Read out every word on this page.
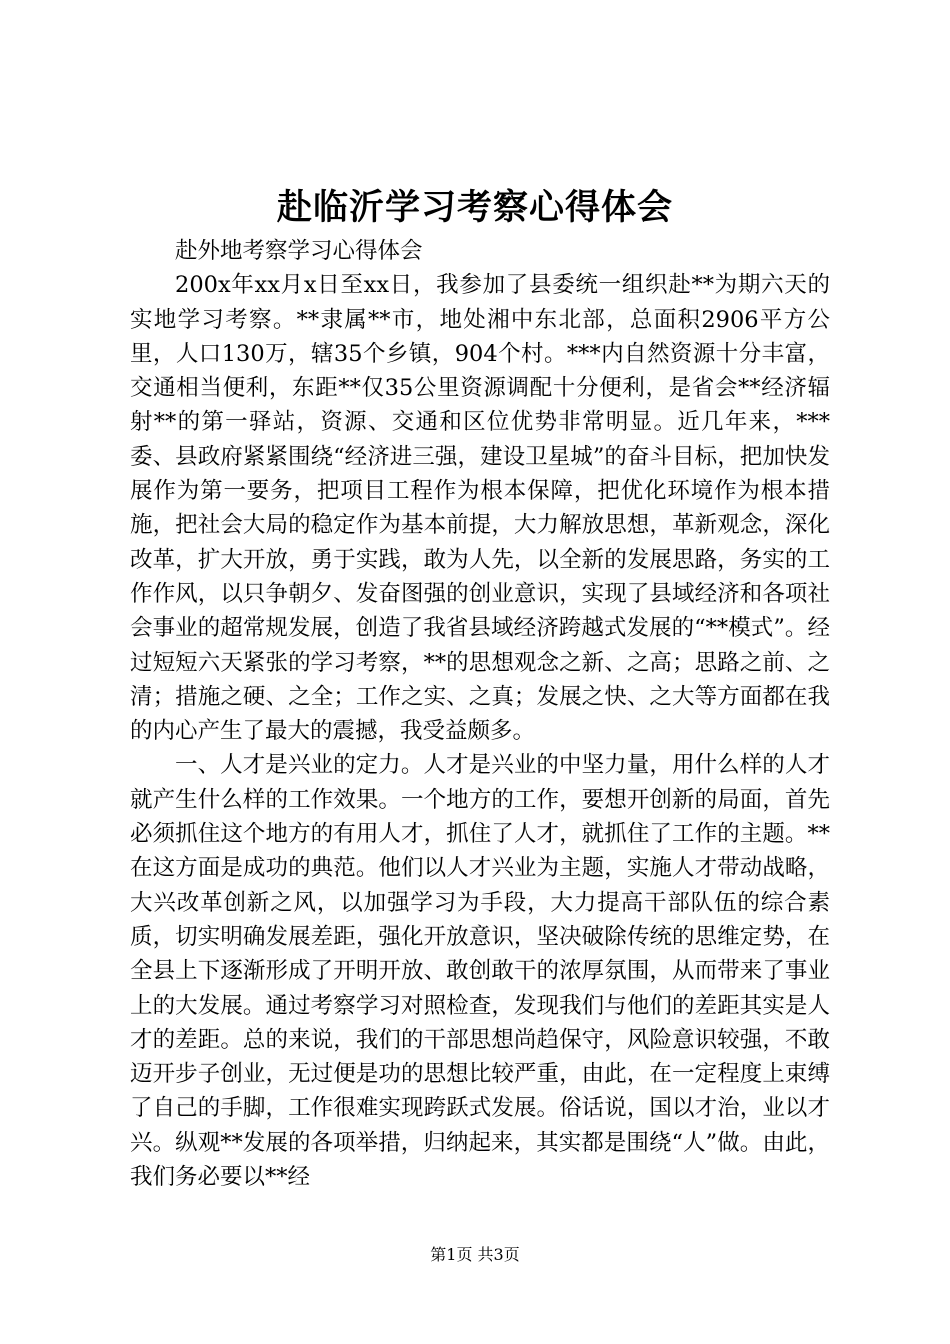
赴临沂学习考察心得体会

赴外地考察学习心得体会

200x年xx月x日至xx日，我参加了县委统一组织赴**为期六天的实地学习考察。**隶属**市，地处湘中东北部，总面积2906平方公里，人口130万，辖35个乡镇，904个村。***内自然资源十分丰富，交通相当便利，东距**仅35公里资源调配十分便利，是省会**经济辐射**的第一驿站，资源、交通和区位优势非常明显。近几年来，***委、县政府紧紧围绕“经济进三强，建设卫星城”的奋斗目标，把加快发展作为第一要务，把项目工程作为根本保障，把优化环境作为根本措施，把社会大局的稳定作为基本前提，大力解放思想，革新观念，深化改革，扩大开放，勇于实践，敢为人先，以全新的发展思路，务实的工作作风，以只争朝夕、发奋图强的创业意识，实现了县域经济和各项社会事业的超常规发展，创造了我省县域经济跨越式发展的“**模式”。经过短短六天紧张的学习考察，**的思想观念之新、之高；思路之前、之清；措施之硬、之全；工作之实、之真；发展之快、之大等方面都在我的内心产生了最大的震撼，我受益颇多。

一、人才是兴业的定力。人才是兴业的中坚力量，用什么样的人才就产生什么样的工作效果。一个地方的工作，要想开创新的局面，首先必须抓住这个地方的有用人才，抓住了人才，就抓住了工作的主题。**在这方面是成功的典范。他们以人才兴业为主题，实施人才带动战略，大兴改革创新之风，以加强学习为手段，大力提高干部队伍的综合素质，切实明确发展差距，强化开放意识，坚决破除传统的思维定势，在全县上下逐渐形成了开明开放、敢创敢干的浓厚氛围，从而带来了事业上的大发展。通过考察学习对照检查，发现我们与他们的差距其实是人才的差距。总的来说，我们的干部思想尚趋保守，风险意识较强，不敢迈开步子创业，无过便是功的思想比较严重，由此，在一定程度上束缚了自己的手脚，工作很难实现跨跃式发展。俗话说，国以才治，业以才兴。纵观**发展的各项举措，归纳起来，其实都是围绕“人”做。由此，我们务必要以**经

第1页 共3页
